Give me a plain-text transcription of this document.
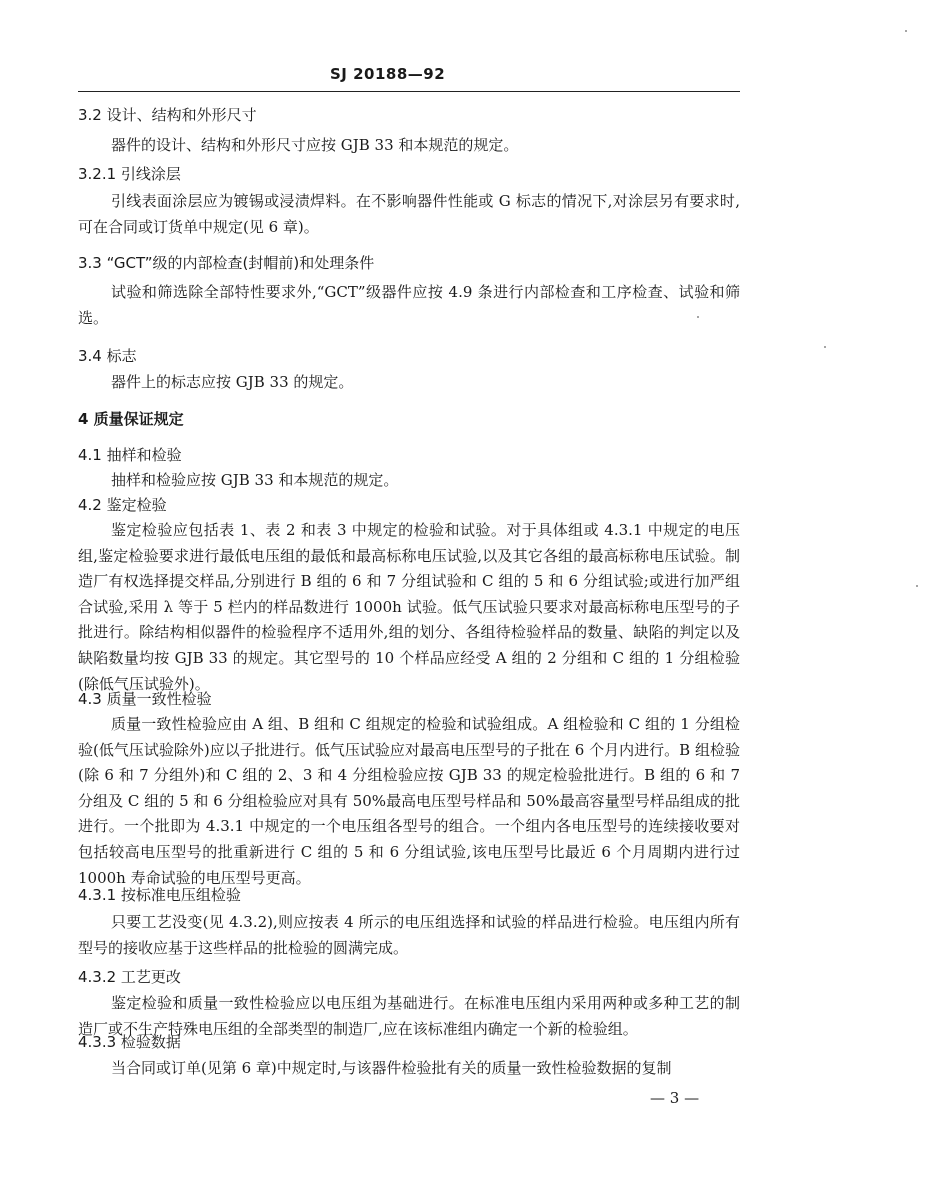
SJ 20188—92
3.2 设计、结构和外形尺寸
器件的设计、结构和外形尺寸应按 GJB 33 和本规范的规定。
3.2.1 引线涂层
引线表面涂层应为镀锡或浸渍焊料。在不影响器件性能或 G 标志的情况下,对涂层另有要求时,可在合同或订货单中规定(见 6 章)。
3.3 “GCT”级的内部检查(封帽前)和处理条件
试验和筛选除全部特性要求外,“GCT”级器件应按 4.9 条进行内部检查和工序检查、试验和筛选。
3.4 标志
器件上的标志应按 GJB 33 的规定。
4 质量保证规定
4.1 抽样和检验
抽样和检验应按 GJB 33 和本规范的规定。
4.2 鉴定检验
鉴定检验应包括表 1、表 2 和表 3 中规定的检验和试验。对于具体组或 4.3.1 中规定的电压组,鉴定检验要求进行最低电压组的最低和最高标称电压试验,以及其它各组的最高标称电压试验。制造厂有权选择提交样品,分别进行 B 组的 6 和 7 分组试验和 C 组的 5 和 6 分组试验;或进行加严组合试验,采用 λ 等于 5 栏内的样品数进行 1000h 试验。低气压试验只要求对最高标称电压型号的子批进行。除结构相似器件的检验程序不适用外,组的划分、各组待检验样品的数量、缺陷的判定以及缺陷数量均按 GJB 33 的规定。其它型号的 10 个样品应经受 A 组的 2 分组和 C 组的 1 分组检验(除低气压试验外)。
4.3 质量一致性检验
质量一致性检验应由 A 组、B 组和 C 组规定的检验和试验组成。A 组检验和 C 组的 1 分组检验(低气压试验除外)应以子批进行。低气压试验应对最高电压型号的子批在 6 个月内进行。B 组检验(除 6 和 7 分组外)和 C 组的 2、3 和 4 分组检验应按 GJB 33 的规定检验批进行。B 组的 6 和 7 分组及 C 组的 5 和 6 分组检验应对具有 50%最高电压型号样品和 50%最高容量型号样品组成的批进行。一个批即为 4.3.1 中规定的一个电压组各型号的组合。一个组内各电压型号的连续接收要对包括较高电压型号的批重新进行 C 组的 5 和 6 分组试验,该电压型号比最近 6 个月周期内进行过 1000h 寿命试验的电压型号更高。
4.3.1 按标准电压组检验
只要工艺没变(见 4.3.2),则应按表 4 所示的电压组选择和试验的样品进行检验。电压组内所有型号的接收应基于这些样品的批检验的圆满完成。
4.3.2 工艺更改
鉴定检验和质量一致性检验应以电压组为基础进行。在标准电压组内采用两种或多种工艺的制造厂或不生产特殊电压组的全部类型的制造厂,应在该标准组内确定一个新的检验组。
4.3.3 检验数据
当合同或订单(见第 6 章)中规定时,与该器件检验批有关的质量一致性检验数据的复制
— 3 —
